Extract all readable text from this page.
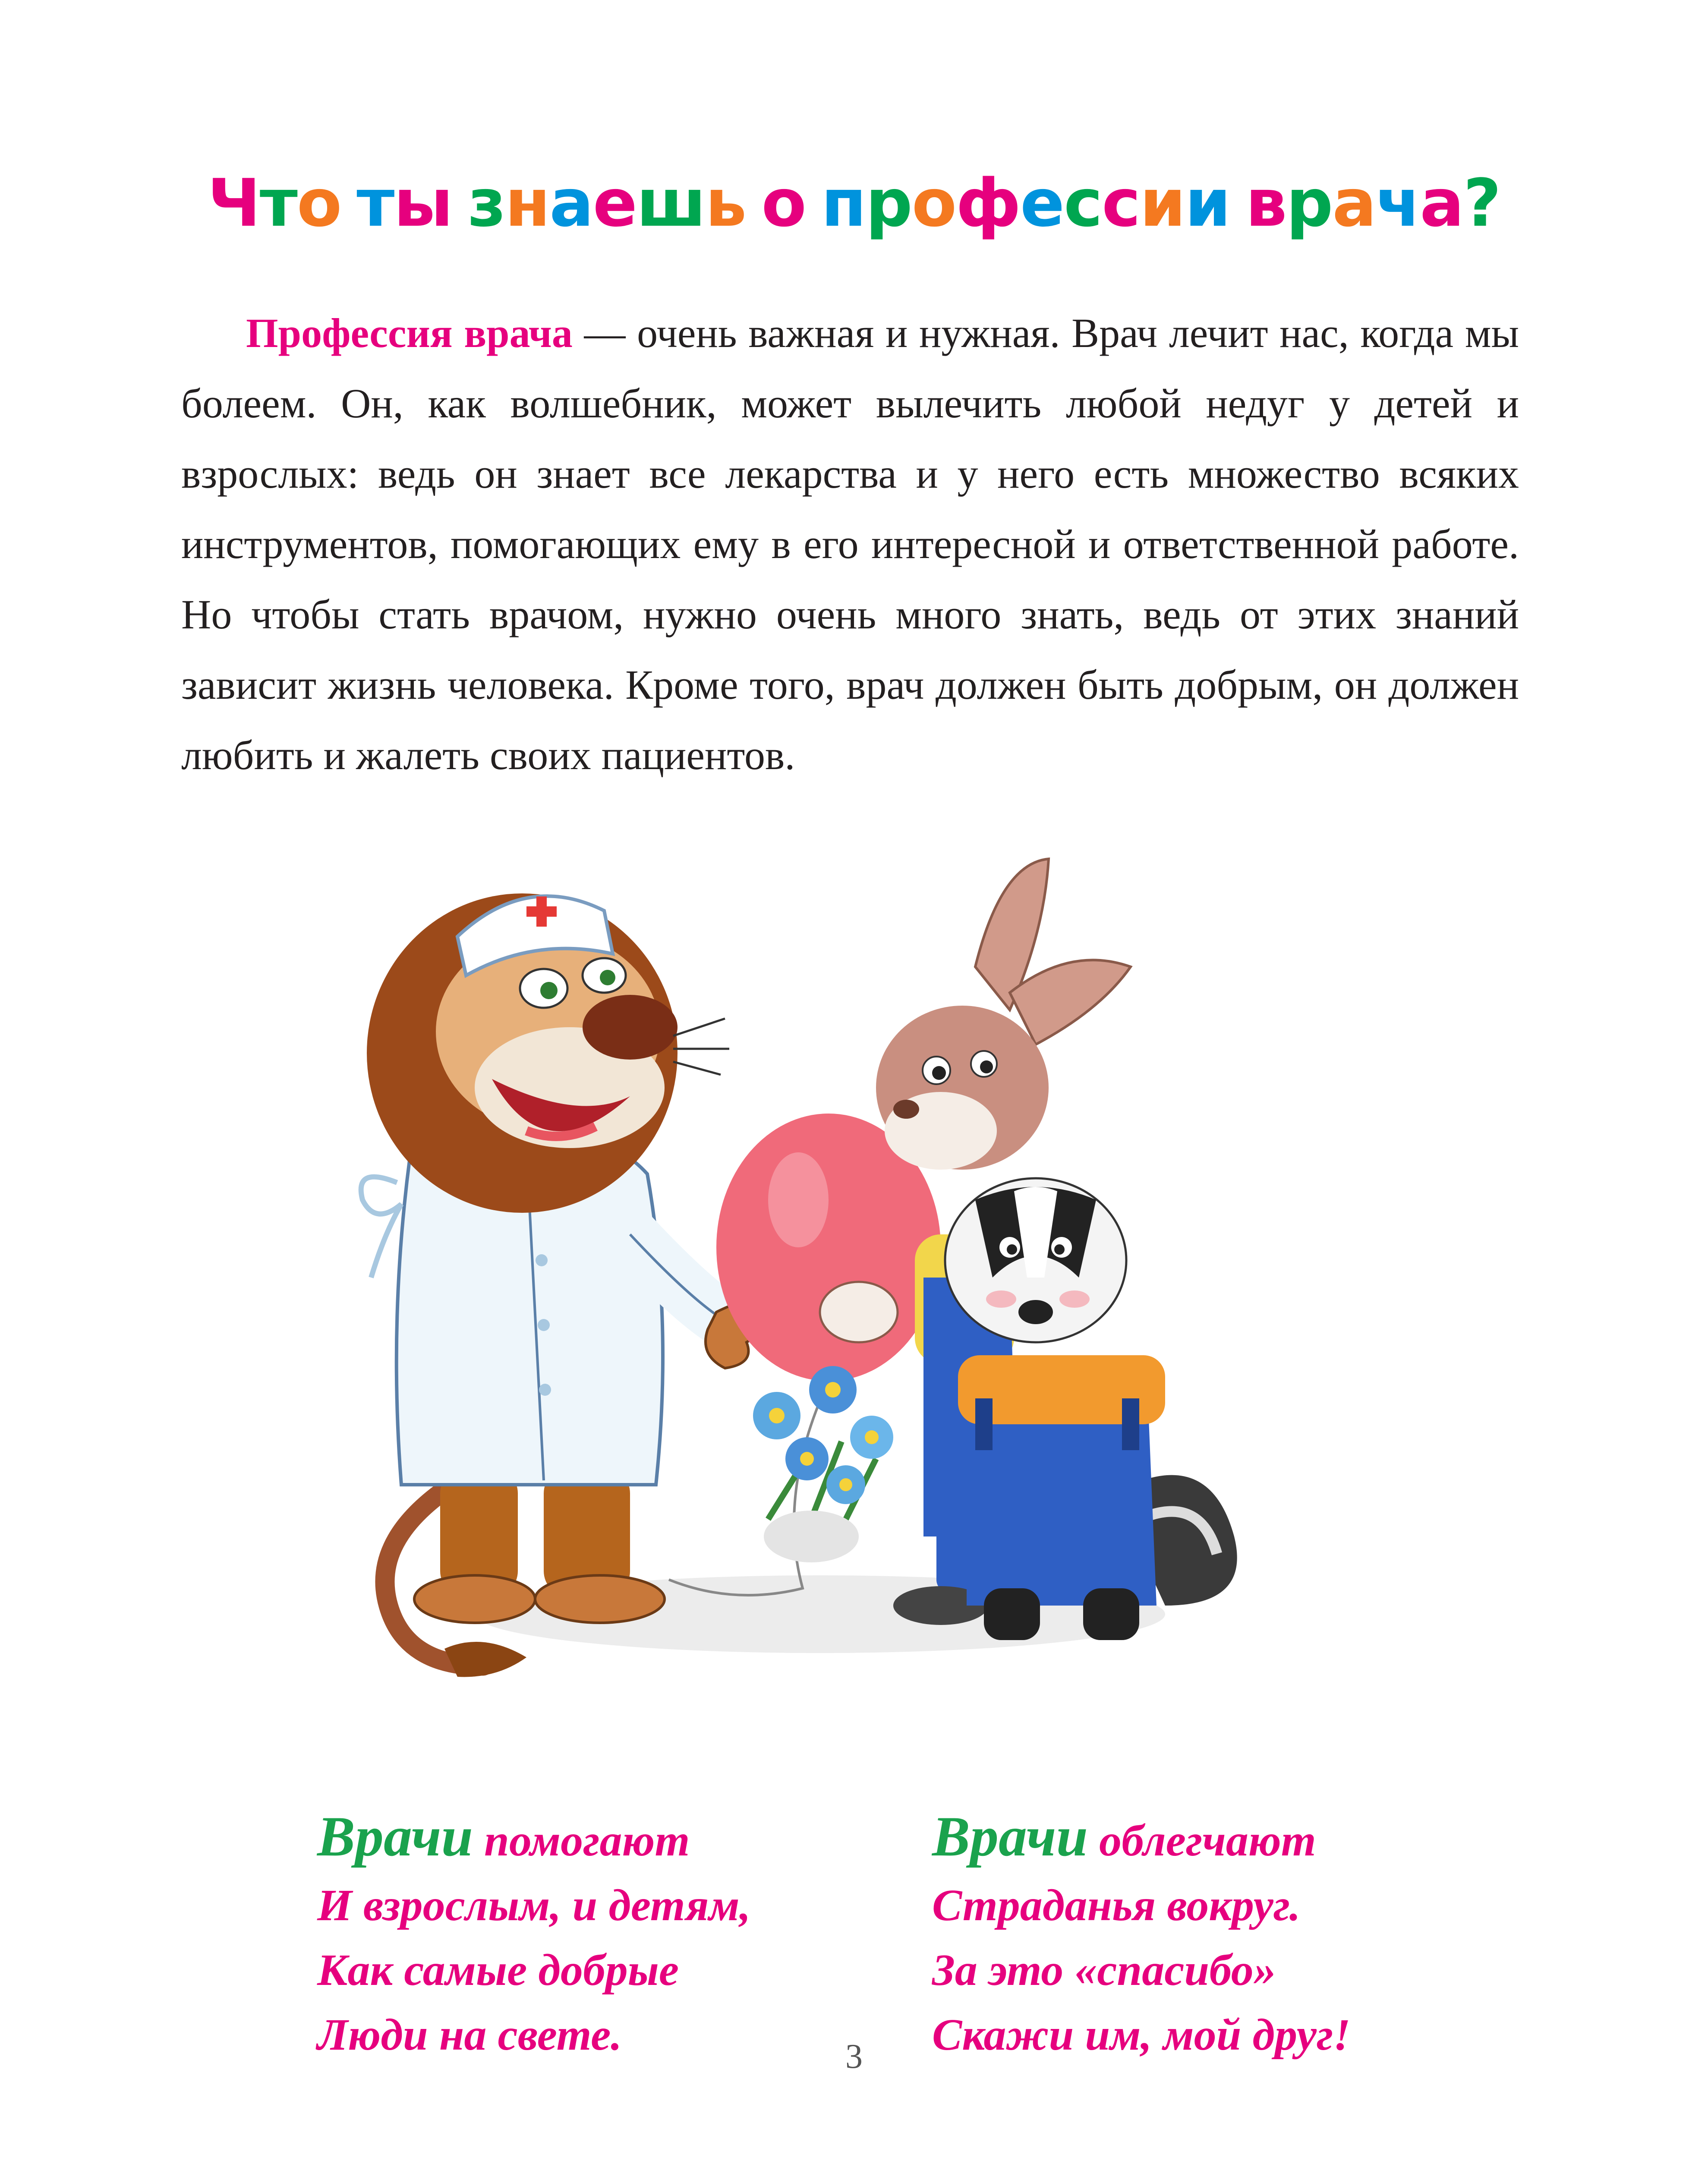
Что ты знаешь о профессии врача?
Профессия врача — очень важная и нужная. Врач лечит нас, когда мы болеем. Он, как волшебник, может вылечить любой недуг у детей и взрослых: ведь он знает все лекарства и у него есть множество всяких инструментов, помогающих ему в его интересной и ответственной работе. Но чтобы стать врачом, нужно очень много знать, ведь от этих знаний зависит жизнь человека. Кроме того, врач должен быть добрым, он должен любить и жалеть своих пациентов.
Врачи помогают
И взрослым, и детям,
Как самые добрые
Люди на свете.
Врачи облегчают
Страданья вокруг.
За это «спасибо»
Скажи им, мой друг!
3
